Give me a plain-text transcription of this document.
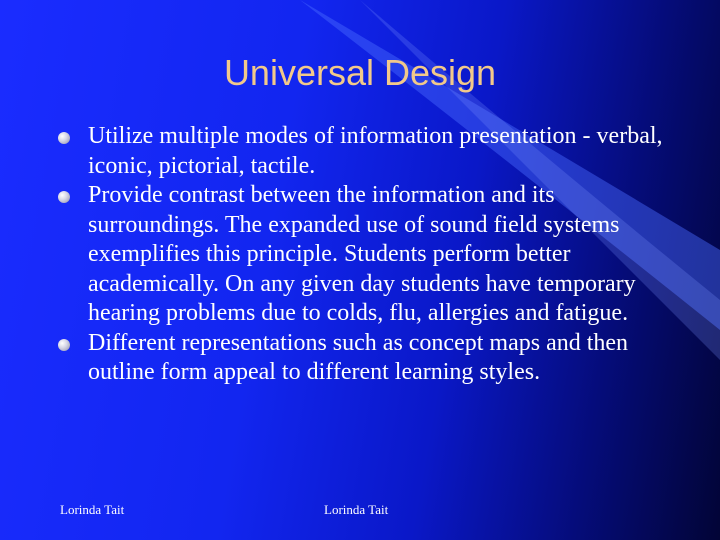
Universal Design
Utilize multiple modes of information presentation - verbal, iconic, pictorial, tactile.
Provide contrast between the information and its surroundings. The expanded use of sound field systems exemplifies this principle. Students perform better academically. On any given day students have temporary hearing problems due to colds, flu, allergies and fatigue.
Different representations such as concept maps and then outline form appeal to different learning styles.
Lorinda Tait	Lorinda Tait
